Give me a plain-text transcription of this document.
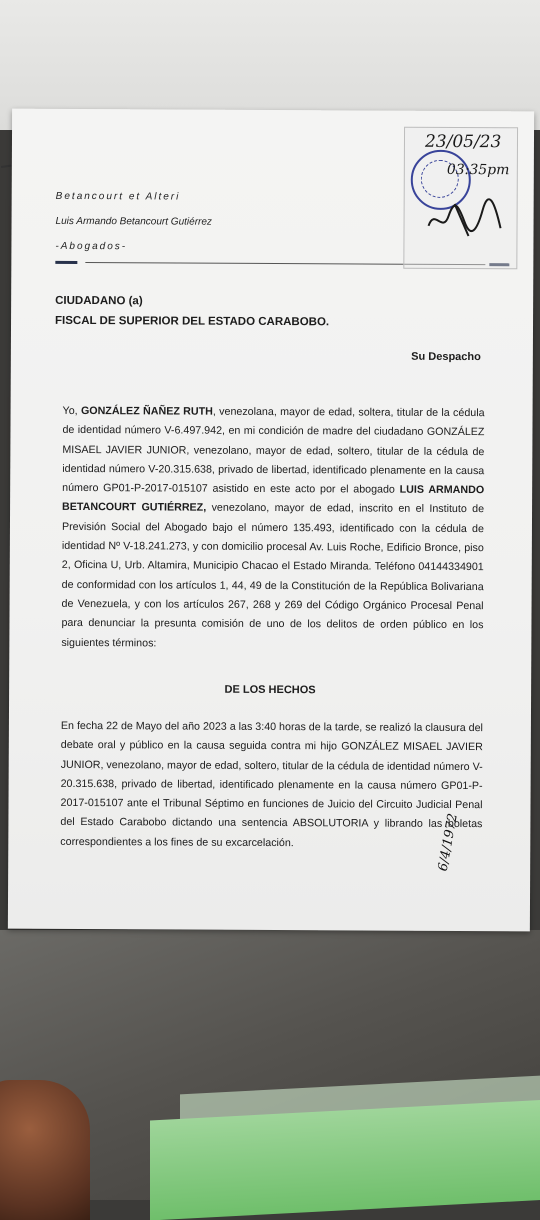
Betancourt et Alteri
Luis Armando Betancourt Gutiérrez
-Abogados-
23/05/23
03:35pm
CIUDADANO (a)
FISCAL DE SUPERIOR DEL ESTADO CARABOBO.
Su Despacho
Yo, GONZÁLEZ ÑAÑEZ RUTH, venezolana, mayor de edad, soltera, titular de la cédula de identidad número V-6.497.942, en mi condición de madre del ciudadano GONZÁLEZ MISAEL JAVIER JUNIOR, venezolano, mayor de edad, soltero, titular de la cédula de identidad número V-20.315.638, privado de libertad, identificado plenamente en la causa número GP01-P-2017-015107 asistido en este acto por el abogado LUIS ARMANDO BETANCOURT GUTIÉRREZ, venezolano, mayor de edad, inscrito en el Instituto de Previsión Social del Abogado bajo el número 135.493, identificado con la cédula de identidad Nº V-18.241.273, y con domicilio procesal Av. Luis Roche, Edificio Bronce, piso 2, Oficina U, Urb. Altamira, Municipio Chacao el Estado Miranda. Teléfono 04144334901 de conformidad con los artículos 1, 44, 49 de la Constitución de la República Bolivariana de Venezuela, y con los artículos 267, 268 y 269 del Código Orgánico Procesal Penal para denunciar la presunta comisión de uno de los delitos de orden público en los siguientes términos:
DE LOS HECHOS
En fecha 22 de Mayo del año 2023 a las 3:40 horas de la tarde, se realizó la clausura del debate oral y público en la causa seguida contra mi hijo GONZÁLEZ MISAEL JAVIER JUNIOR, venezolano, mayor de edad, soltero, titular de la cédula de identidad número V-20.315.638, privado de libertad, identificado plenamente en la causa número GP01-P-2017-015107 ante el Tribunal Séptimo en funciones de Juicio del Circuito Judicial Penal del Estado Carabobo dictando una sentencia ABSOLUTORIA y librando las boletas correspondientes a los fines de su excarcelación.	6/4/1972
